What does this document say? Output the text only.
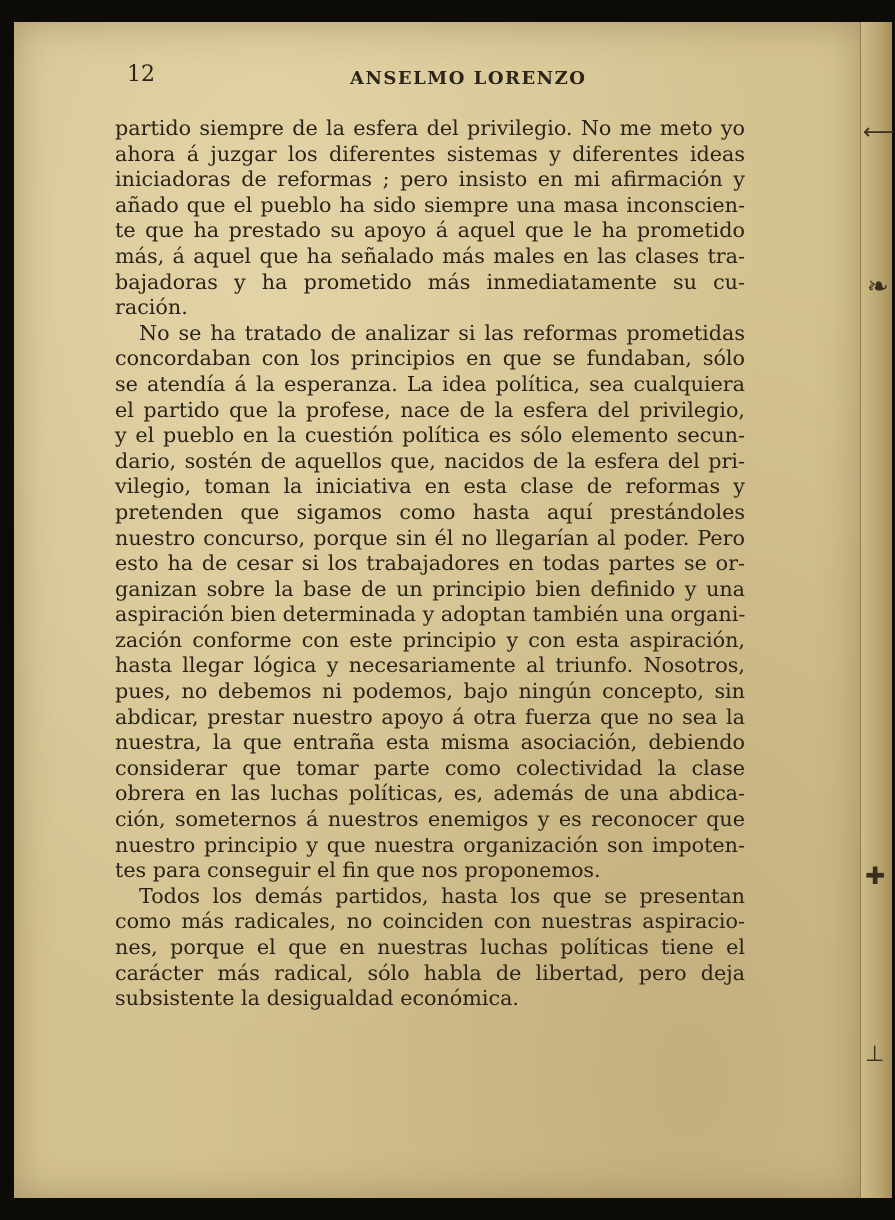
⟵
❧
✚
⊥
12	ANSELMO LORENZO
partido siempre de la esfera del privilegio. No me meto yo
ahora á juzgar los diferentes sistemas y diferentes ideas
iniciadoras de reformas ; pero insisto en mi afirmación y
añado que el pueblo ha sido siempre una masa inconscien-
te que ha prestado su apoyo á aquel que le ha prometido
más, á aquel que ha señalado más males en las clases tra-
bajadoras y ha prometido más inmediatamente su cu-
ración.
No se ha tratado de analizar si las reformas prometidas
concordaban con los principios en que se fundaban, sólo
se atendía á la esperanza. La idea política, sea cualquiera
el partido que la profese, nace de la esfera del privilegio,
y el pueblo en la cuestión política es sólo elemento secun-
dario, sostén de aquellos que, nacidos de la esfera del pri-
vilegio, toman la iniciativa en esta clase de reformas y
pretenden que sigamos como hasta aquí prestándoles
nuestro concurso, porque sin él no llegarían al poder. Pero
esto ha de cesar si los trabajadores en todas partes se or-
ganizan sobre la base de un principio bien definido y una
aspiración bien determinada y adoptan también una organi-
zación conforme con este principio y con esta aspiración,
hasta llegar lógica y necesariamente al triunfo. Nosotros,
pues, no debemos ni podemos, bajo ningún concepto, sin
abdicar, prestar nuestro apoyo á otra fuerza que no sea la
nuestra, la que entraña esta misma asociación, debiendo
considerar que tomar parte como colectividad la clase
obrera en las luchas políticas, es, además de una abdica-
ción, someternos á nuestros enemigos y es reconocer que
nuestro principio y que nuestra organización son impoten-
tes para conseguir el fin que nos proponemos.
Todos los demás partidos, hasta los que se presentan
como más radicales, no coinciden con nuestras aspiracio-
nes, porque el que en nuestras luchas políticas tiene el
carácter más radical, sólo habla de libertad, pero deja
subsistente la desigualdad económica.
